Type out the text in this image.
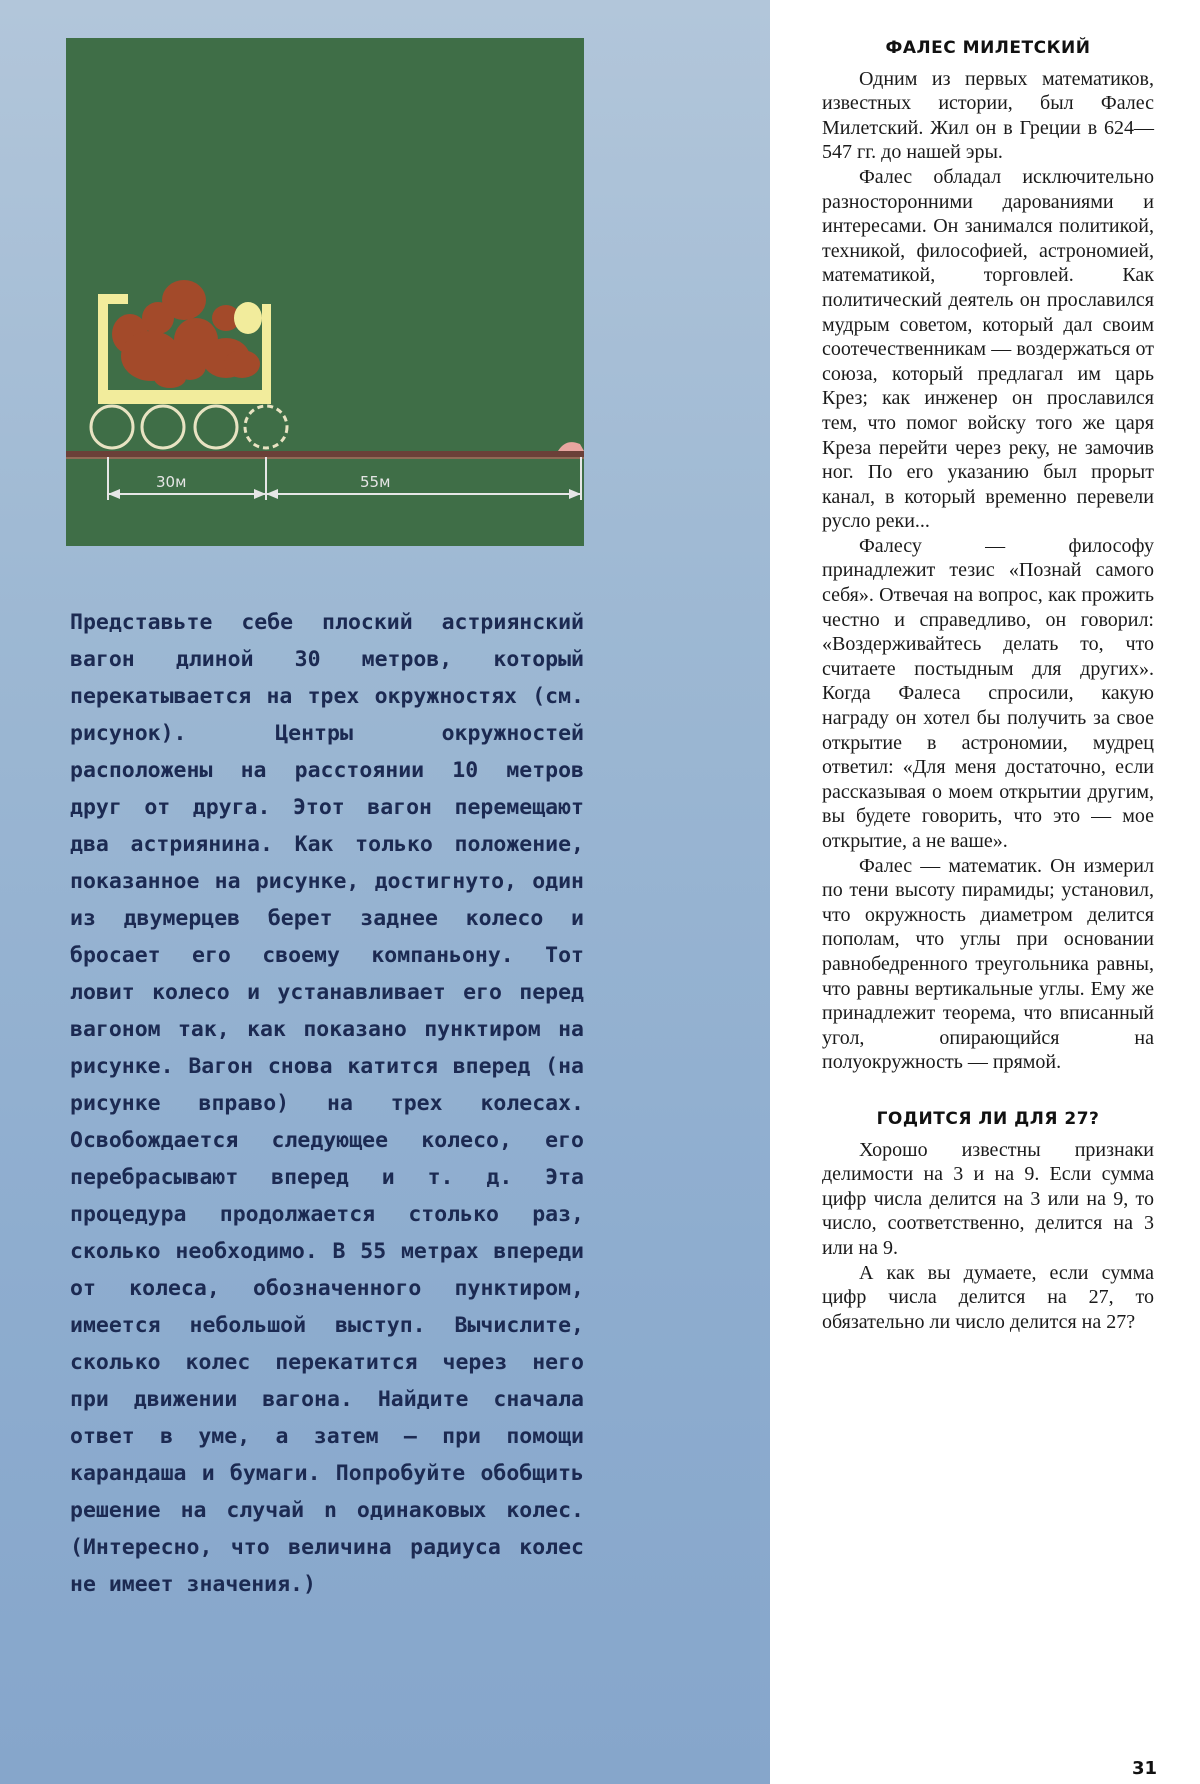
30м	55м

Представьте себе плоский астриянский вагон длиной 30 метров, который перекатывается на трех окружностях (см. рисунок). Центры окружностей расположены на расстоянии 10 метров друг от друга. Этот вагон перемещают два астриянина. Как только положение, показанное на рисунке, достигнуто, один из двумерцев берет заднее колесо и бросает его своему компаньону. Тот ловит колесо и устанавливает его перед вагоном так, как показано пунктиром на рисунке. Вагон снова катится вперед (на рисунке вправо) на трех колесах. Освобождается следующее колесо, его перебрасывают вперед и т. д. Эта процедура продолжается столько раз, сколько необходимо. В 55 метрах впереди от колеса, обозначенного пунктиром, имеется небольшой выступ. Вычислите, сколько колес перекатится через него при движении вагона. Найдите сначала ответ в уме, а затем — при помощи карандаша и бумаги. Попробуйте обобщить решение на случай n одинаковых колес. (Интересно, что величина радиуса колес не имеет значения.)

ФАЛЕС МИЛЕТСКИЙ

Одним из первых математиков, известных истории, был Фалес Милетский. Жил он в Греции в 624—547 гг. до нашей эры.

Фалес обладал исключительно разносторонними дарованиями и интересами. Он занимался политикой, техникой, философией, астрономией, математикой, торговлей. Как политический деятель он прославился мудрым советом, который дал своим соотечественникам — воздержаться от союза, который предлагал им царь Крез; как инженер он прославился тем, что помог войску того же царя Креза перейти через реку, не замочив ног. По его указанию был прорыт канал, в который временно перевели русло реки...

Фалесу — философу принадлежит тезис «Познай самого себя». Отвечая на вопрос, как прожить честно и справедливо, он говорил: «Воздерживайтесь делать то, что считаете постыдным для других». Когда Фалеса спросили, какую награду он хотел бы получить за свое открытие в астрономии, мудрец ответил: «Для меня достаточно, если рассказывая о моем открытии другим, вы будете говорить, что это — мое открытие, а не ваше».

Фалес — математик. Он измерил по тени высоту пирамиды; установил, что окружность диаметром делится пополам, что углы при основании равнобедренного треугольника равны, что равны вертикальные углы. Ему же принадлежит теорема, что вписанный угол, опирающийся на полуокружность — прямой.

ГОДИТСЯ ЛИ ДЛЯ 27?

Хорошо известны признаки делимости на 3 и на 9. Если сумма цифр числа делится на 3 или на 9, то число, соответственно, делится на 3 или на 9.

А как вы думаете, если сумма цифр числа делится на 27, то обязательно ли число делится на 27?

31
